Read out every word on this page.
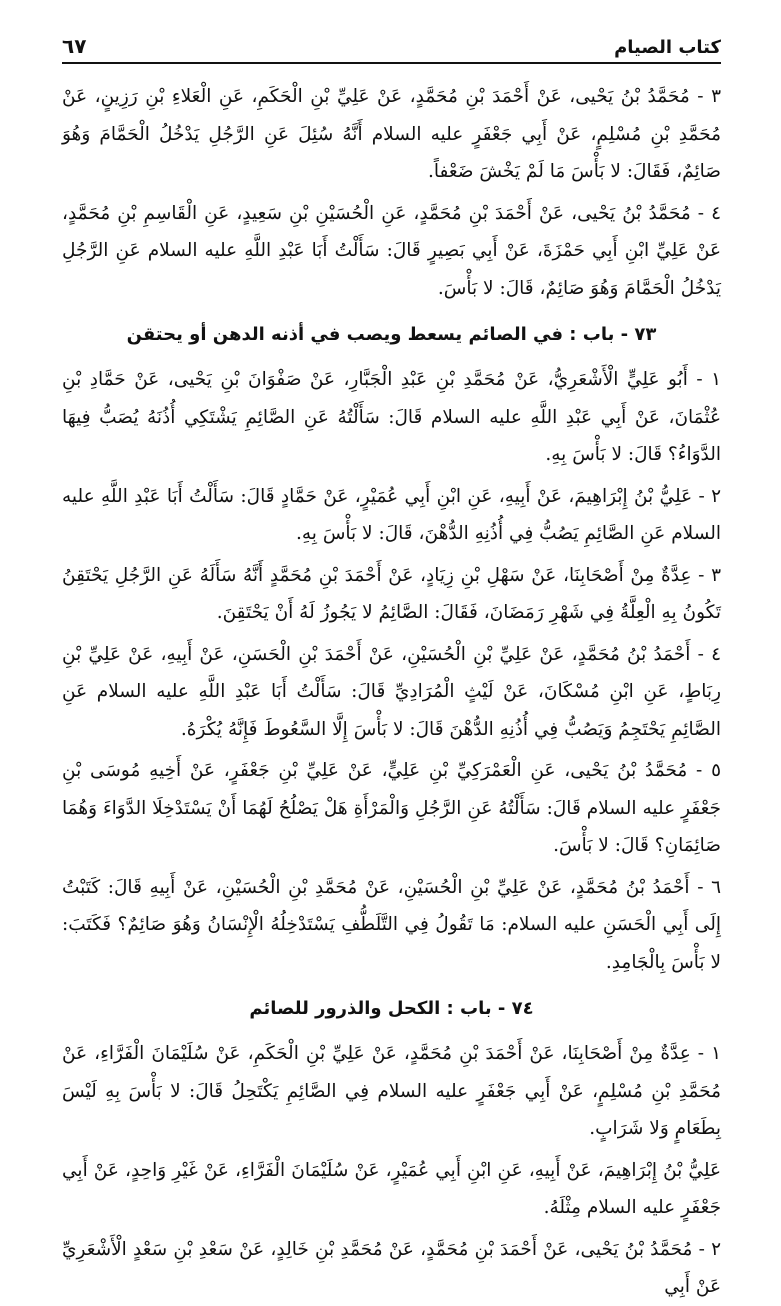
كتاب الصيام
٦٧

٣ - مُحَمَّدُ بْنُ يَحْيى، عَنْ أَحْمَدَ بْنِ مُحَمَّدٍ، عَنْ عَلِيِّ بْنِ الْحَكَمِ، عَنِ الْعَلاءِ بْنِ رَزِينٍ، عَنْ مُحَمَّدِ بْنِ مُسْلِمٍ، عَنْ أَبِي جَعْفَرٍ عليه السلام أَنَّهُ سُئِلَ عَنِ الرَّجُلِ يَدْخُلُ الْحَمَّامَ وَهُوَ صَائِمٌ، فَقَالَ: لا بَأْسَ مَا لَمْ يَخْشَ ضَعْفاً.

٤ - مُحَمَّدُ بْنُ يَحْيى، عَنْ أَحْمَدَ بْنِ مُحَمَّدٍ، عَنِ الْحُسَيْنِ بْنِ سَعِيدٍ، عَنِ الْقَاسِمِ بْنِ مُحَمَّدٍ، عَنْ عَلِيِّ ابْنِ أَبِي حَمْزَةَ، عَنْ أَبِي بَصِيرٍ قَالَ: سَأَلْتُ أَبَا عَبْدِ اللَّهِ عليه السلام عَنِ الرَّجُلِ يَدْخُلُ الْحَمَّامَ وَهُوَ صَائِمٌ، قَالَ: لا بَأْسَ.

٧٣ - باب : في الصائم يسعط ويصب في أذنه الدهن أو يحتقن

١ - أَبُو عَلِيٍّ الْأَشْعَرِيُّ، عَنْ مُحَمَّدِ بْنِ عَبْدِ الْجَبَّارِ، عَنْ صَفْوَانَ بْنِ يَحْيى، عَنْ حَمَّادِ بْنِ عُثْمَانَ، عَنْ أَبِي عَبْدِ اللَّهِ عليه السلام قَالَ: سَأَلْتُهُ عَنِ الصَّائِمِ يَشْتَكِي أُذُنَهُ يُصَبُّ فِيهَا الدَّوَاءُ؟ قَالَ: لا بَأْسَ بِهِ.

٢ - عَلِيُّ بْنُ إِبْرَاهِيمَ، عَنْ أَبِيهِ، عَنِ ابْنِ أَبِي عُمَيْرٍ، عَنْ حَمَّادٍ قَالَ: سَأَلْتُ أَبَا عَبْدِ اللَّهِ عليه السلام عَنِ الصَّائِمِ يَصُبُّ فِي أُذُنِهِ الدُّهْنَ، قَالَ: لا بَأْسَ بِهِ.

٣ - عِدَّةٌ مِنْ أَصْحَابِنَا، عَنْ سَهْلِ بْنِ زِيَادٍ، عَنْ أَحْمَدَ بْنِ مُحَمَّدٍ أَنَّهُ سَأَلَهُ عَنِ الرَّجُلِ يَحْتَقِنُ تَكُونُ بِهِ الْعِلَّةُ فِي شَهْرِ رَمَضَانَ، فَقَالَ: الصَّائِمُ لا يَجُوزُ لَهُ أَنْ يَحْتَقِنَ.

٤ - أَحْمَدُ بْنُ مُحَمَّدٍ، عَنْ عَلِيِّ بْنِ الْحُسَيْنِ، عَنْ أَحْمَدَ بْنِ الْحَسَنِ، عَنْ أَبِيهِ، عَنْ عَلِيِّ بْنِ رِبَاطٍ، عَنِ ابْنِ مُسْكَانَ، عَنْ لَيْثٍ الْمُرَادِيِّ قَالَ: سَأَلْتُ أَبَا عَبْدِ اللَّهِ عليه السلام عَنِ الصَّائِمِ يَحْتَجِمُ وَيَصُبُّ فِي أُذُنِهِ الدُّهْنَ قَالَ: لا بَأْسَ إِلَّا السَّعُوطَ فَإِنَّهُ يُكْرَهُ.

٥ - مُحَمَّدُ بْنُ يَحْيى، عَنِ الْعَمْرَكِيِّ بْنِ عَلِيٍّ، عَنْ عَلِيِّ بْنِ جَعْفَرٍ، عَنْ أَخِيهِ مُوسَى بْنِ جَعْفَرٍ عليه السلام قَالَ: سَأَلْتُهُ عَنِ الرَّجُلِ وَالْمَرْأَةِ هَلْ يَصْلُحُ لَهُمَا أَنْ يَسْتَدْخِلَا الدَّوَاءَ وَهُمَا صَائِمَانِ؟ قَالَ: لا بَأْسَ.

٦ - أَحْمَدُ بْنُ مُحَمَّدٍ، عَنْ عَلِيِّ بْنِ الْحُسَيْنِ، عَنْ مُحَمَّدِ بْنِ الْحُسَيْنِ، عَنْ أَبِيهِ قَالَ: كَتَبْتُ إِلَى أَبِي الْحَسَنِ عليه السلام: مَا تَقُولُ فِي التَّلَطُّفِ يَسْتَدْخِلُهُ الْإِنْسَانُ وَهُوَ صَائِمٌ؟ فَكَتَبَ: لا بَأْسَ بِالْجَامِدِ.

٧٤ - باب : الكحل والذرور للصائم

١ - عِدَّةٌ مِنْ أَصْحَابِنَا، عَنْ أَحْمَدَ بْنِ مُحَمَّدٍ، عَنْ عَلِيِّ بْنِ الْحَكَمِ، عَنْ سُلَيْمَانَ الْفَرَّاءِ، عَنْ مُحَمَّدِ بْنِ مُسْلِمٍ، عَنْ أَبِي جَعْفَرٍ عليه السلام فِي الصَّائِمِ يَكْتَحِلُ قَالَ: لا بَأْسَ بِهِ لَيْسَ بِطَعَامٍ وَلا شَرَابٍ.

عَلِيُّ بْنُ إِبْرَاهِيمَ، عَنْ أَبِيهِ، عَنِ ابْنِ أَبِي عُمَيْرٍ، عَنْ سُلَيْمَانَ الْفَرَّاءِ، عَنْ غَيْرِ وَاحِدٍ، عَنْ أَبِي جَعْفَرٍ عليه السلام مِثْلَهُ.

٢ - مُحَمَّدُ بْنُ يَحْيى، عَنْ أَحْمَدَ بْنِ مُحَمَّدٍ، عَنْ مُحَمَّدِ بْنِ خَالِدٍ، عَنْ سَعْدِ بْنِ سَعْدٍ الْأَشْعَرِيِّ عَنْ أَبِي
